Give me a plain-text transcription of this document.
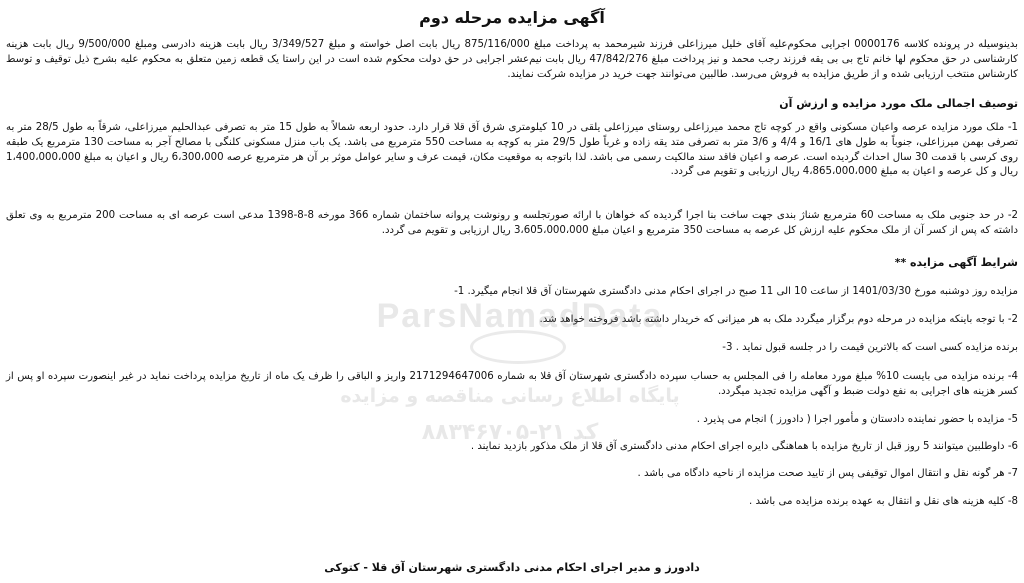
آگهی مزایده مرحله دوم
بدینوسیله در پرونده کلاسه 0000176 اجرایی محکوم‌علیه آقای خلیل میرزاعلی فرزند شیرمحمد به پرداخت مبلغ 875/116/000 ریال بابت اصل خواسته و مبلغ 3/349/527 ریال بابت هزینه دادرسی ومبلغ 9/500/000 ریال بابت هزینه کارشناسی در حق محکوم لها خانم تاج بی بی یقه فرزند رجب محمد و نیز پرداخت مبلغ 47/842/276 ریال بابت نیم‌عشر اجرایی در حق دولت محکوم شده است در این راستا یک قطعه زمین متعلق به محکوم علیه بشرح ذیل توقیف و توسط کارشناس منتخب ارزیابی شده و از طریق مزایده به فروش می‌رسد. طالبین می‌توانند جهت خرید در مزایده شرکت نمایند.
توصیف اجمالی ملک مورد مزایده و ارزش آن
1- ملک مورد مزایده عرصه واعیان مسکونی واقع در کوچه تاج محمد میرزاعلی روستای میرزاعلی یلقی در 10 کیلومتری شرق آق قلا قرار دارد. حدود اربعه شمالاً به طول 15 متر به تصرفی عبدالحلیم میرزاعلی، شرقاً به طول 28/5 متر به تصرفی بهمن میرزاعلی، جنوباً به طول های 16/1 و 4/4 و 3/6 متر به تصرفی متد یقه زاده و غرباً طول 29/5 متر به کوچه به مساحت 550 مترمربع می باشد. یک باب منزل مسکونی کلنگی با مصالح آجر به مساحت 130 مترمربع یک طبقه روی کرسی با قدمت 30 سال احداث گردیده است. عرصه و اعیان فاقد سند مالکیت رسمی می باشد. لذا باتوجه به موقعیت مکان، قیمت عرف و سایر عوامل موثر بر آن هر مترمربع عرصه 6،300،000 ریال و اعیان به مبلغ 1،400،000،000 ریال و کل عرصه و اعیان به مبلغ 4،865،000،000 ریال ارزیابی و تقویم می گردد.
2- در حد جنوبی ملک به مساحت 60 مترمربع شناژ بندی جهت ساخت بنا اجرا گردیده که خواهان با ارائه صورتجلسه و رونوشت پروانه ساختمان شماره 366 مورخه 8-8-1398 مدعی است عرصه ای به مساحت 200 مترمربع به وی تعلق داشته که پس از کسر آن از ملک محکوم علیه ارزش کل عرصه به مساحت 350 مترمربع و اعیان مبلغ 3،605،000،000 ریال ارزیابی و تقویم می گردد.
شرایط آگهی مزایده **
مزایده روز دوشنبه مورخ 1401/03/30 از ساعت 10 الی 11 صبح در اجرای احکام مدنی دادگستری شهرستان آق قلا انجام میگیرد. 1-
2- با توجه باینکه مزایده در مرحله دوم برگزار میگردد ملک به هر میزانی که خریدار داشته باشد فروخته خواهد شد.
برنده مزایده کسی است که بالاترین قیمت را در جلسه قبول نماید . 3-
4- برنده مزایده می بایست 10% مبلغ مورد معامله را فی المجلس به حساب سپرده دادگستری شهرستان آق قلا به شماره 2171294647006 واریز و الباقی را ظرف یک ماه از تاریخ مزایده پرداخت نماید در غیر اینصورت سپرده او پس از کسر هزینه های اجرایی به نفع دولت ضبط و آگهی مزایده تجدید میگردد.
5- مزایده با حضور نماینده دادستان و مأمور اجرا ( دادورز ) انجام می پذیرد .
6- داوطلبین میتوانند 5 روز قبل از تاریخ مزایده با هماهنگی دایره اجرای احکام مدنی دادگستری آق قلا از ملک مذکور بازدید نمایند .
7- هر گونه نقل و انتقال اموال توقیفی پس از تایید صحت مزایده از ناحیه دادگاه می باشد .
8- کلیه هزینه های نقل و انتقال به عهده برنده مزایده می باشد .
دادورز و مدیر اجرای احکام مدنی دادگستری شهرستان آق قلا - کتوکی
ParsNamadData
پایگاه اطلاع رسانی مناقصه و مزایده
کد ۲۱-۸۸۳۴۶۷۰۵
